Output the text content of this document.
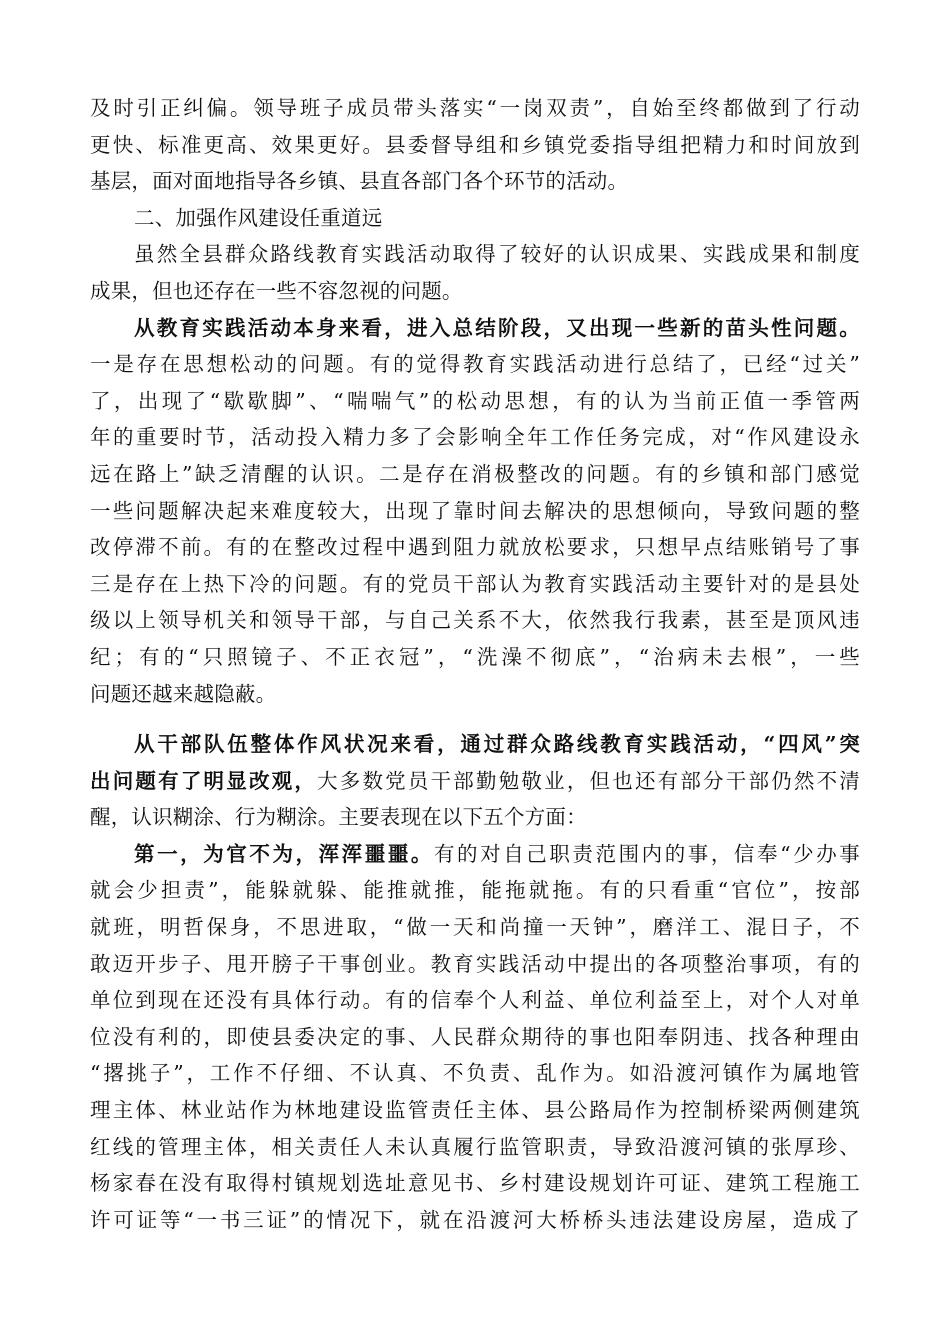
及时引正纠偏。领导班子成员带头落实“一岗双责”，自始至终都做到了行动
更快、标准更高、效果更好。县委督导组和乡镇党委指导组把精力和时间放到
基层，面对面地指导各乡镇、县直各部门各个环节的活动。
二、加强作风建设任重道远
虽然全县群众路线教育实践活动取得了较好的认识成果、实践成果和制度
成果，但也还存在一些不容忽视的问题。
从教育实践活动本身来看，进入总结阶段，又出现一些新的苗头性问题。
一是存在思想松动的问题。有的觉得教育实践活动进行总结了，已经“过关”
了，出现了“歇歇脚”、“喘喘气”的松动思想，有的认为当前正值一季管两
年的重要时节，活动投入精力多了会影响全年工作任务完成，对“作风建设永
远在路上”缺乏清醒的认识。二是存在消极整改的问题。有的乡镇和部门感觉
一些问题解决起来难度较大，出现了靠时间去解决的思想倾向，导致问题的整
改停滞不前。有的在整改过程中遇到阻力就放松要求，只想早点结账销号了事
三是存在上热下冷的问题。有的党员干部认为教育实践活动主要针对的是县处
级以上领导机关和领导干部，与自己关系不大，依然我行我素，甚至是顶风违
纪；有的“只照镜子、不正衣冠”，“洗澡不彻底”，“治病未去根”，一些
问题还越来越隐蔽。
从干部队伍整体作风状况来看，通过群众路线教育实践活动，“四风”突
出问题有了明显改观，大多数党员干部勤勉敬业，但也还有部分干部仍然不清
醒，认识糊涂、行为糊涂。主要表现在以下五个方面：
第一，为官不为，浑浑噩噩。有的对自己职责范围内的事，信奉“少办事
就会少担责”，能躲就躲、能推就推，能拖就拖。有的只看重“官位”，按部
就班，明哲保身，不思进取，“做一天和尚撞一天钟”，磨洋工、混日子，不
敢迈开步子、甩开膀子干事创业。教育实践活动中提出的各项整治事项，有的
单位到现在还没有具体行动。有的信奉个人利益、单位利益至上，对个人对单
位没有利的，即使县委决定的事、人民群众期待的事也阳奉阴违、找各种理由
“撂挑子”，工作不仔细、不认真、不负责、乱作为。如沿渡河镇作为属地管
理主体、林业站作为林地建设监管责任主体、县公路局作为控制桥梁两侧建筑
红线的管理主体，相关责任人未认真履行监管职责，导致沿渡河镇的张厚珍、
杨家春在没有取得村镇规划选址意见书、乡村建设规划许可证、建筑工程施工
许可证等“一书三证”的情况下，就在沿渡河大桥桥头违法建设房屋，造成了
